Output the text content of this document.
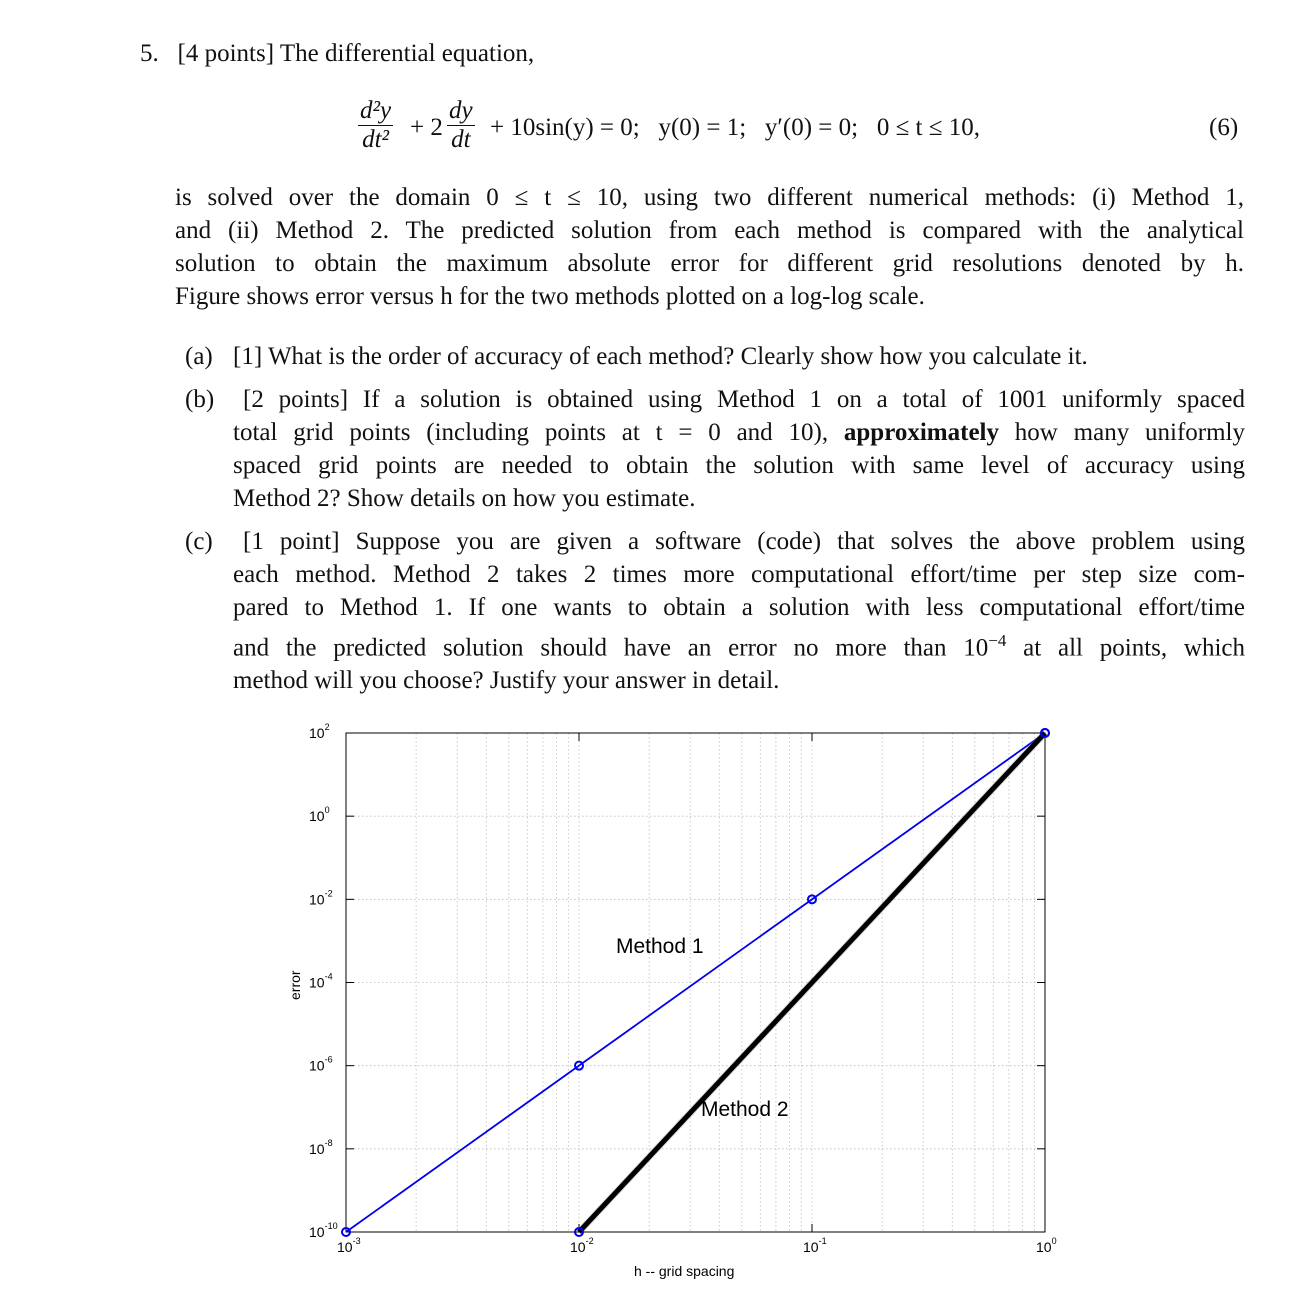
5. [4 points] The differential equation,
$\frac{\text{d²y}}{\text{dt²}} + 2 \frac{dy}{dt} + 10\sin(y) = 0$;   y(0) = 1;   y′(0) = 0;   0 ≤ t ≤ 10,	(6)
is solved over the domain 0 ≤ t ≤ 10, using two different numerical methods: (i) Method 1,
and (ii) Method 2. The predicted solution from each method is compared with the analytical
solution to obtain the maximum absolute error for different grid resolutions denoted by h.
Figure shows error versus h for the two methods plotted on a log-log scale.
(a) [1] What is the order of accuracy of each method? Clearly show how you calculate it.
(b) [2 points] If a solution is obtained using Method 1 on a total of 1001 uniformly spaced
total grid points (including points at t = 0 and 10), approximately how many uniformly
spaced grid points are needed to obtain the solution with same level of accuracy using
Method 2? Show details on how you estimate.
(c) [1 point] Suppose you are given a software (code) that solves the above problem using
each method. Method 2 takes 2 times more computational effort/time per step size com-
pared to Method 1. If one wants to obtain a solution with less computational effort/time
and the predicted solution should have an error no more than $10^{-4}$ at all points, which
method will you choose? Justify your answer in detail.
$10^{-3}$	$10^{-2}$	$10^{-1}$	$10^0$
$10^2$
$10^0$
$10^{-2}$
$10^{-4}$
$10^{-6}$
$10^{-8}$
$10^{-10}$
Method 1
Method 2
h -- grid spacing
error
